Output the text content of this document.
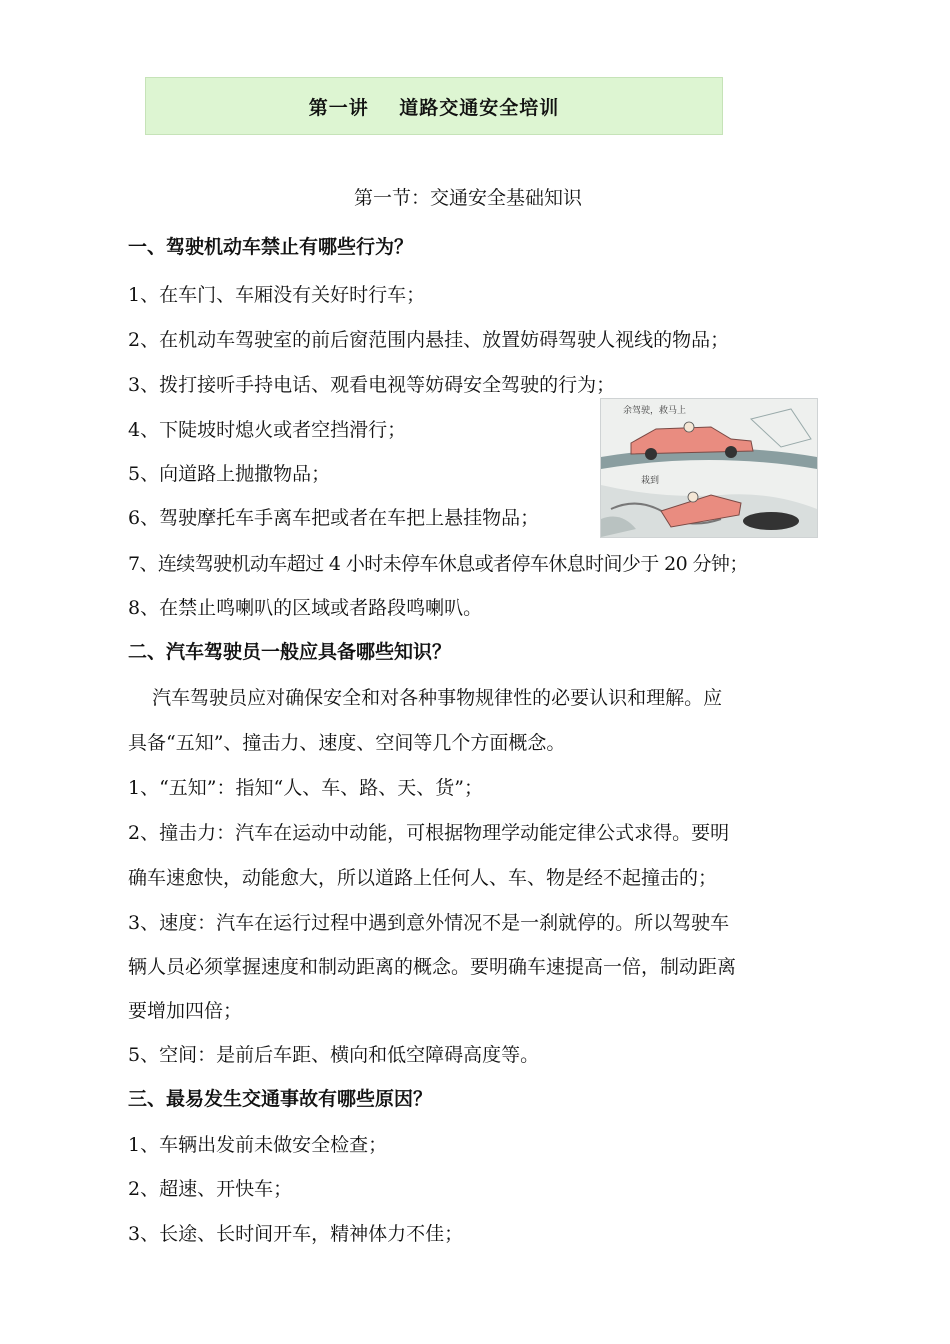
第一讲    道路交通安全培训
第一节：交通安全基础知识
一、驾驶机动车禁止有哪些行为？
1、在车门、车厢没有关好时行车；
2、在机动车驾驶室的前后窗范围内悬挂、放置妨碍驾驶人视线的物品；
3、拨打接听手持电话、观看电视等妨碍安全驾驶的行为；
4、下陡坡时熄火或者空挡滑行；
5、向道路上抛撒物品；
6、驾驶摩托车手离车把或者在车把上悬挂物品；
7、连续驾驶机动车超过 4 小时未停车休息或者停车休息时间少于 20 分钟；
8、在禁止鸣喇叭的区域或者路段鸣喇叭。
余驾驶，救马上
栽到
二、汽车驾驶员一般应具备哪些知识？
汽车驾驶员应对确保安全和对各种事物规律性的必要认识和理解。应
具备“五知”、撞击力、速度、空间等几个方面概念。
1、“五知”：指知“人、车、路、天、货”；
2、撞击力：汽车在运动中动能，可根据物理学动能定律公式求得。要明
确车速愈快，动能愈大，所以道路上任何人、车、物是经不起撞击的；
3、速度：汽车在运行过程中遇到意外情况不是一刹就停的。所以驾驶车
辆人员必须掌握速度和制动距离的概念。要明确车速提高一倍，制动距离
要增加四倍；
5、空间：是前后车距、横向和低空障碍高度等。
三、最易发生交通事故有哪些原因？
1、车辆出发前未做安全检查；
2、超速、开快车；
3、长途、长时间开车，精神体力不佳；
